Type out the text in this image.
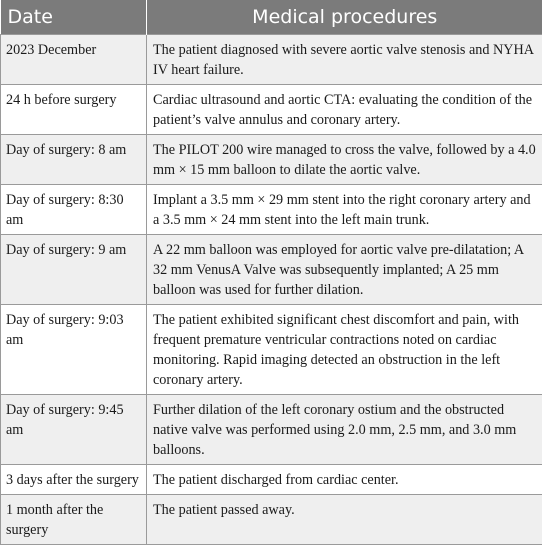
Date	Medical procedures

2023 December	The patient diagnosed with severe aortic valve stenosis and NYHA IV heart failure.

24 h before surgery	Cardiac ultrasound and aortic CTA: evaluating the condition of the patient’s valve annulus and coronary artery.

Day of surgery: 8 am	The PILOT 200 wire managed to cross the valve, followed by a 4.0 mm × 15 mm balloon to dilate the aortic valve.

Day of surgery: 8:30 am	Implant a 3.5 mm × 29 mm stent into the right coronary artery and a 3.5 mm × 24 mm stent into the left main trunk.

Day of surgery: 9 am	A 22 mm balloon was employed for aortic valve pre-dilatation; A 32 mm VenusA Valve was subsequently implanted; A 25 mm balloon was used for further dilation.

Day of surgery: 9:03 am	The patient exhibited significant chest discomfort and pain, with frequent premature ventricular contractions noted on cardiac monitoring. Rapid imaging detected an obstruction in the left coronary artery.

Day of surgery: 9:45 am	Further dilation of the left coronary ostium and the obstructed native valve was performed using 2.0 mm, 2.5 mm, and 3.0 mm balloons.

3 days after the surgery	The patient discharged from cardiac center.

1 month after the surgery	The patient passed away.
